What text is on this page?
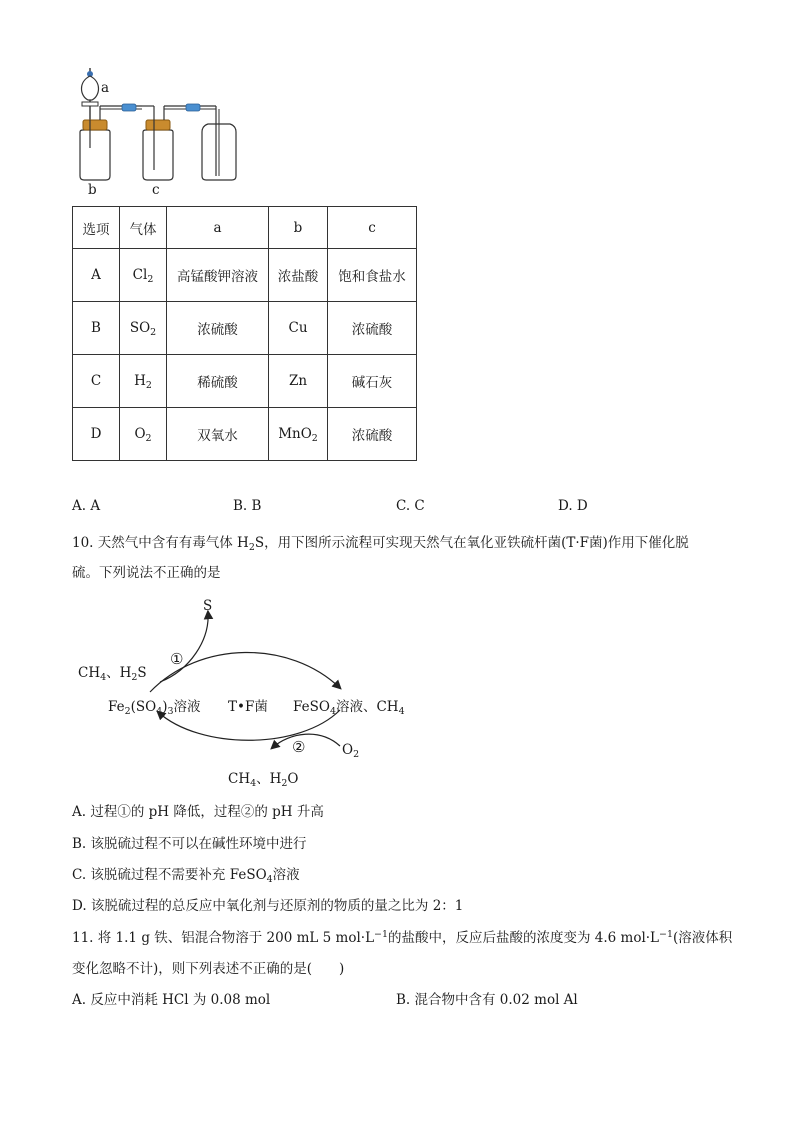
a
b	c
选项	气体	a	b	c
A	$Cl_2$	高锰酸钾溶液	浓盐酸	饱和食盐水
B	$SO_2$	浓硫酸	Cu	浓硫酸
C	$H_2$	稀硫酸	Zn	碱石灰
D	$O_2$	双氧水	MnO$_2$	浓硫酸
A. A	B. B	C. C	D. D
10. 天然气中含有有毒气体 $H_2S$，用下图所示流程可实现天然气在氧化亚铁硫杆菌(T·F菌)作用下催化脱
硫。下列说法不正确的是
S
$CH_4$、$H_2S$
①
$Fe_2(SO_4)_3$溶液 T•F菌 FeSO$_4$溶液、$CH_4$
②	$O_2$
$CH_4$、$H_2O$
A. 过程①的 pH 降低，过程②的 pH 升高
B. 该脱硫过程不可以在碱性环境中进行
C. 该脱硫过程不需要补充 FeSO$_4$溶液
D. 该脱硫过程的总反应中氧化剂与还原剂的物质的量之比为 2：1
11. 将 1.1 g 铁、铝混合物溶于 200 mL 5 $mol\cdot L^{-1}$的盐酸中，反应后盐酸的浓度变为 4.6 $mol\cdot L^{-1}$(溶液体积
变化忽略不计)，则下列表述不正确的是(　　)
A. 反应中消耗 HCl 为 0.08 mol	B. 混合物中含有 0.02 mol Al
